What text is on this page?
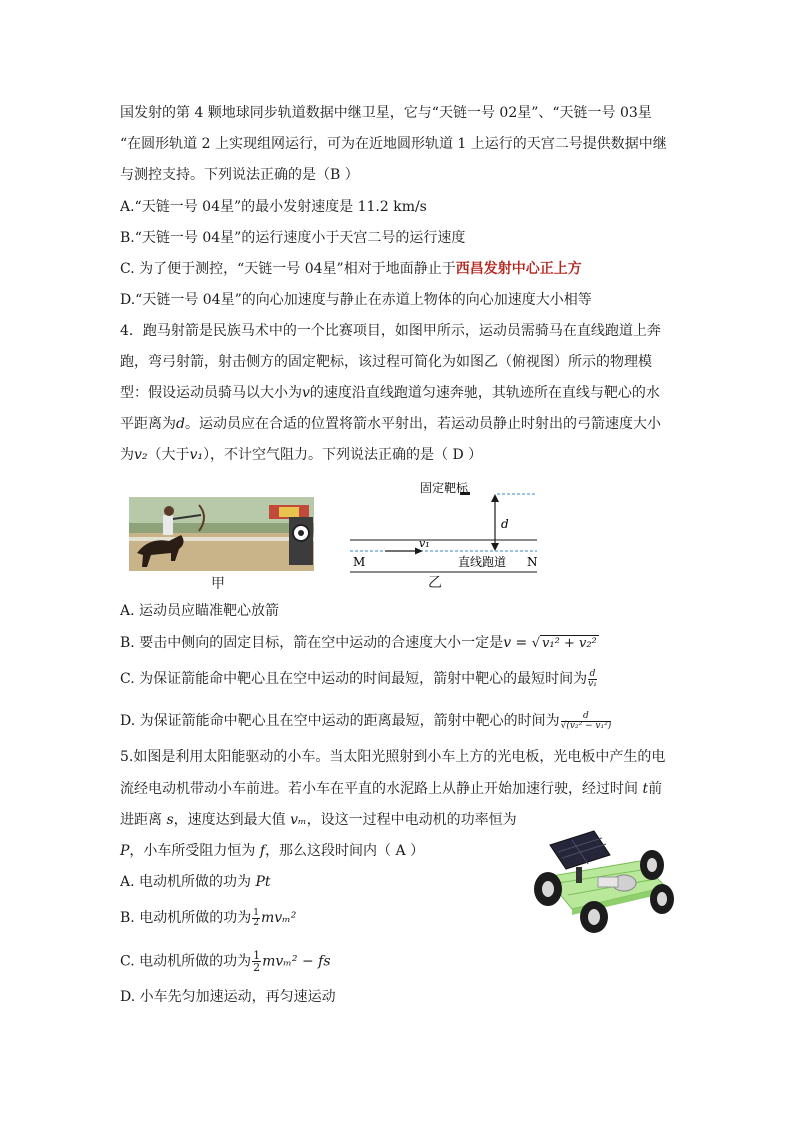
国发射的第 4 颗地球同步轨道数据中继卫星，它与“天链一号 02星”、“天链一号 03星
“在圆形轨道 2 上实现组网运行，可为在近地圆形轨道 1 上运行的天宫二号提供数据中继
与测控支持。下列说法正确的是（B ）
A.“天链一号 04星”的最小发射速度是 11.2 km/s
B.“天链一号 04星”的运行速度小于天宫二号的运行速度
C. 为了便于测控，“天链一号 04星”相对于地面静止于西昌发射中心正上方
D.“天链一号 04星”的向心加速度与静止在赤道上物体的向心加速度大小相等
4．跑马射箭是民族马术中的一个比赛项目，如图甲所示，运动员需骑马在直线跑道上奔
跑，弯弓射箭，射击侧方的固定靶标，该过程可简化为如图乙（俯视图）所示的物理模
型：假设运动员骑马以大小为v的速度沿直线跑道匀速奔驰，其轨迹所在直线与靶心的水
平距离为d。运动员应在合适的位置将箭水平射出，若运动员静止时射出的弓箭速度大小
为v₂（大于v₁），不计空气阻力。下列说法正确的是（ D ）
甲
固定靶标
d
v₁
M	直线跑道 N
乙
A. 运动员应瞄准靶心放箭
B. 要击中侧向的固定目标，箭在空中运动的合速度大小一定是v = √ v₁² + v₂²
C. 为保证箭能命中靶心且在空中运动的时间最短，箭射中靶心的最短时间为 $\frac{d}{\text{v₁}}$
D. 为保证箭能命中靶心且在空中运动的距离最短，箭射中靶心的时间为 $\frac{d}{\text{√(v₂² − v₁²)}}$
5.如图是利用太阳能驱动的小车。当太阳光照射到小车上方的光电板，光电板中产生的电
流经电动机带动小车前进。若小车在平直的水泥路上从静止开始加速行驶，经过时间 t前
进距离 s，速度达到最大值 vₘ，设这一过程中电动机的功率恒为
P，小车所受阻力恒为 f，那么这段时间内（ A ）
A. 电动机所做的功为 Pt
B. 电动机所做的功为 $\frac{1}{2} mv_m^2$
C. 电动机所做的功为 $\frac{1}{2} mv_m^2$ − fs
D. 小车先匀加速运动，再匀速运动
